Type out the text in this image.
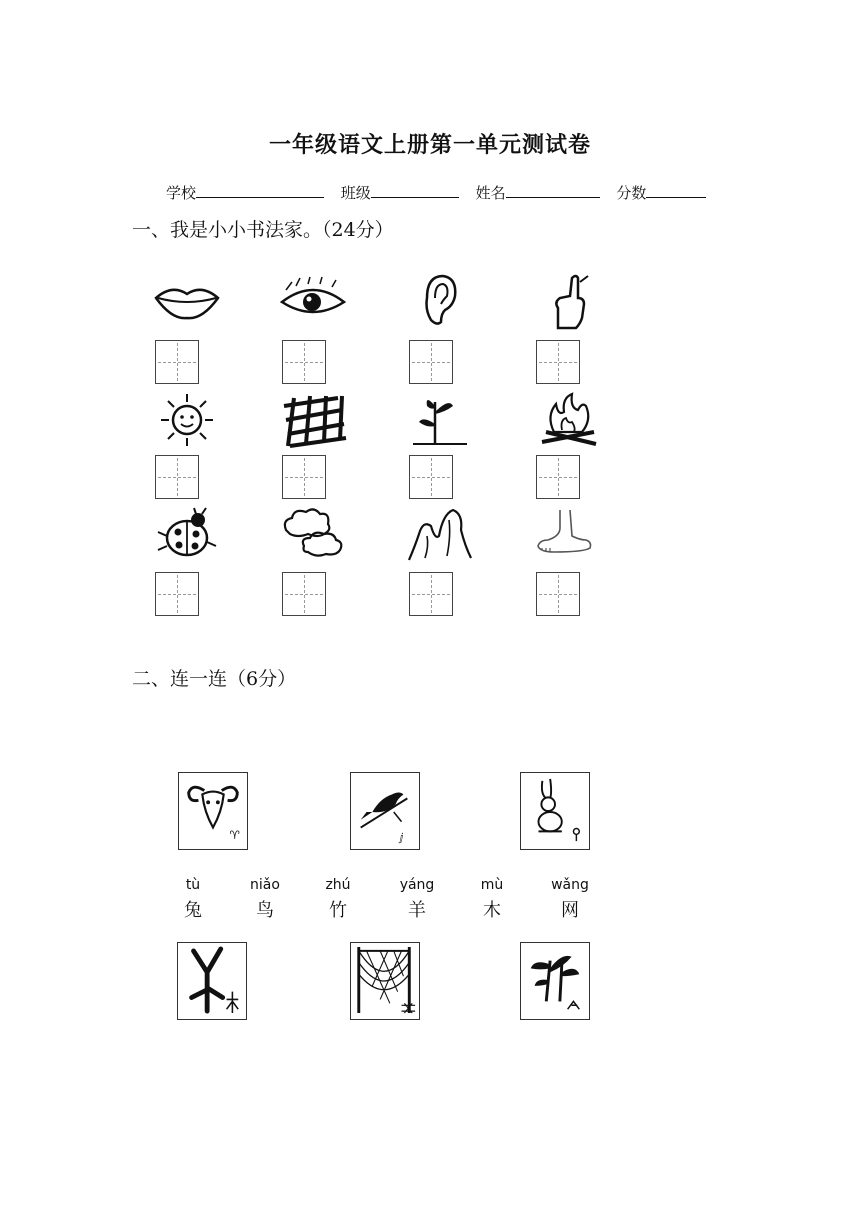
一年级语文上册第一单元测试卷
学校	班级	姓名	分数
一、我是小小书法家。（24分）
二、连一连（6分）
♈	ⅉ
tù
兔
niǎo
鸟
zhú
竹
yáng
羊
mù
木
wǎng
网
